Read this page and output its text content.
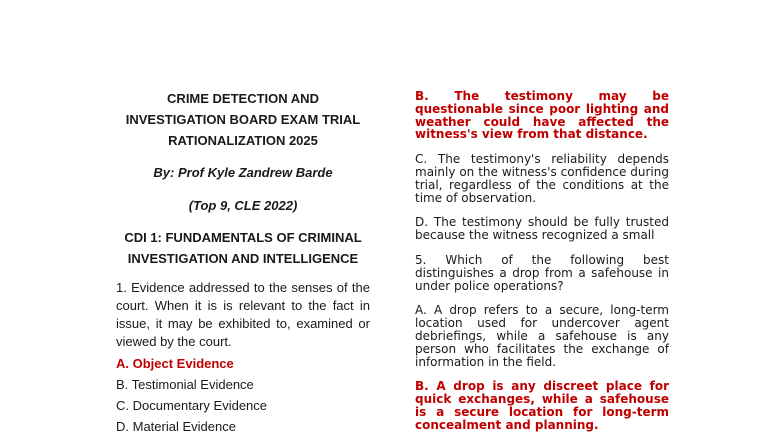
CRIME DETECTION AND
INVESTIGATION BOARD EXAM TRIAL
RATIONALIZATION 2025

By: Prof Kyle Zandrew Barde

(Top 9, CLE 2022)

CDI 1: FUNDAMENTALS OF CRIMINAL
INVESTIGATION AND INTELLIGENCE

1. Evidence addressed to the senses of the court. When it is is relevant to the fact in issue, it may be exhibited to, examined or viewed by the court.

A. Object Evidence

B. Testimonial Evidence

C. Documentary Evidence

D. Material Evidence

B. The testimony may be questionable since poor lighting and weather could have affected the witness's view from that distance.

C. The testimony's reliability depends mainly on the witness's confidence during trial, regardless of the conditions at the time of observation.

D. The testimony should be fully trusted because the witness recognized a small

5. Which of the following best distinguishes a drop from a safehouse in under police operations?

A. A drop refers to a secure, long-term location used for undercover agent debriefings, while a safehouse is any person who facilitates the exchange of information in the field.

B. A drop is any discreet place for quick exchanges, while a safehouse is a secure location for long-term concealment and planning.
